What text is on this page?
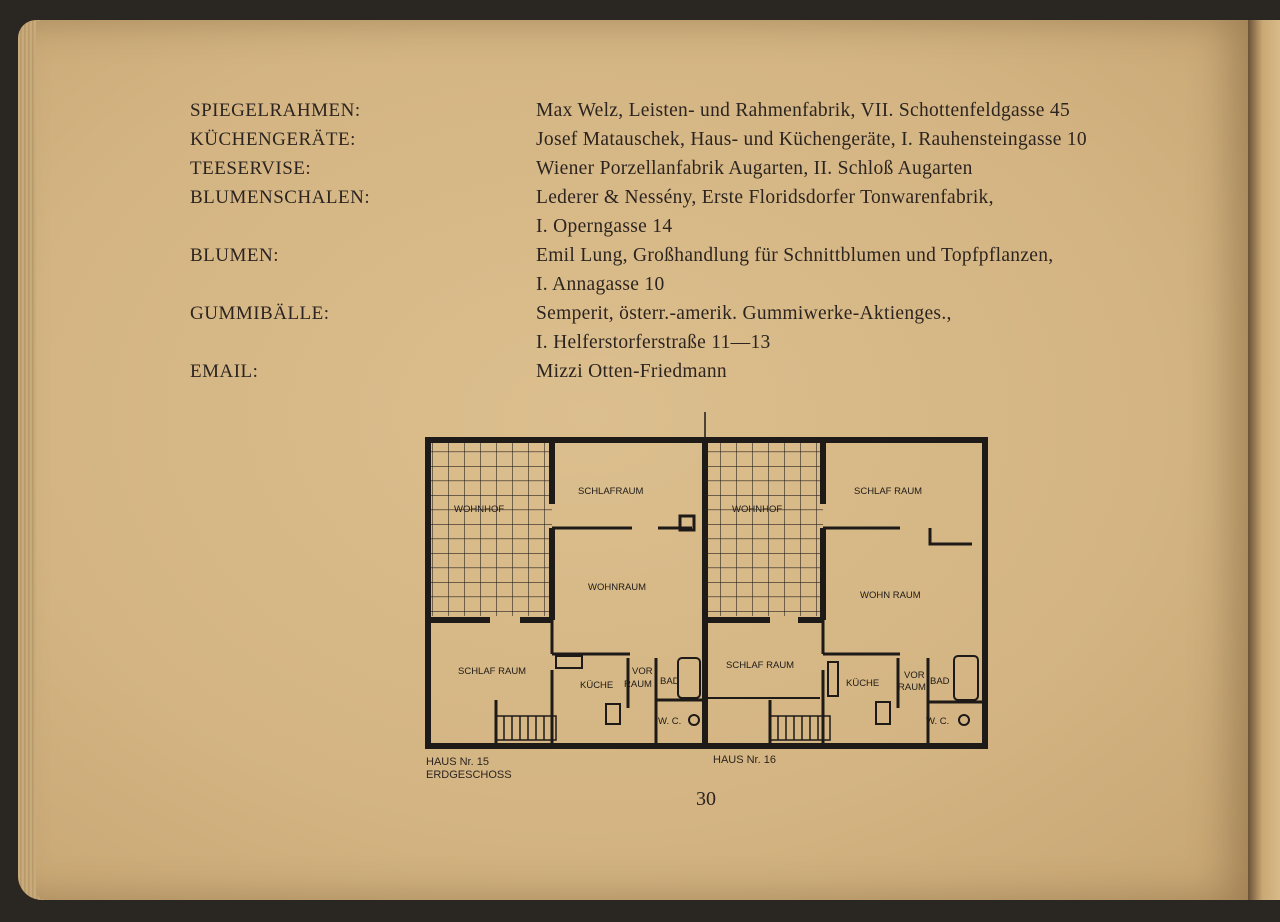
SPIEGELRAHMEN:	Max Welz, Leisten- und Rahmenfabrik, VII. Schottenfeldgasse 45
KÜCHENGERÄTE:	Josef Matauschek, Haus- und Küchengeräte, I. Rauhensteingasse 10
TEESERVISE:	Wiener Porzellanfabrik Augarten, II. Schloß Augarten
BLUMENSCHALEN:	Lederer & Nessény, Erste Floridsdorfer Tonwarenfabrik,
I. Operngasse 14
BLUMEN:	Emil Lung, Großhandlung für Schnittblumen und Topfpflanzen,
I. Annagasse 10
GUMMIBÄLLE:	Semperit, österr.-amerik. Gummiwerke-Aktienges.,
I. Helferstorferstraße 11—13
EMAIL:	Mizzi Otten-Friedmann
WOHNHOF
SCHLAFRAUM
WOHNRAUM
SCHLAF RAUM
KÜCHE
VOR
RAUM BAD
W. C.
WOHNHOF
SCHLAF RAUM
WOHN RAUM
SCHLAF RAUM
KÜCHE
VOR
RAUM
BAD
W. C.
HAUS Nr. 15
ERDGESCHOSS
HAUS Nr. 16
30
